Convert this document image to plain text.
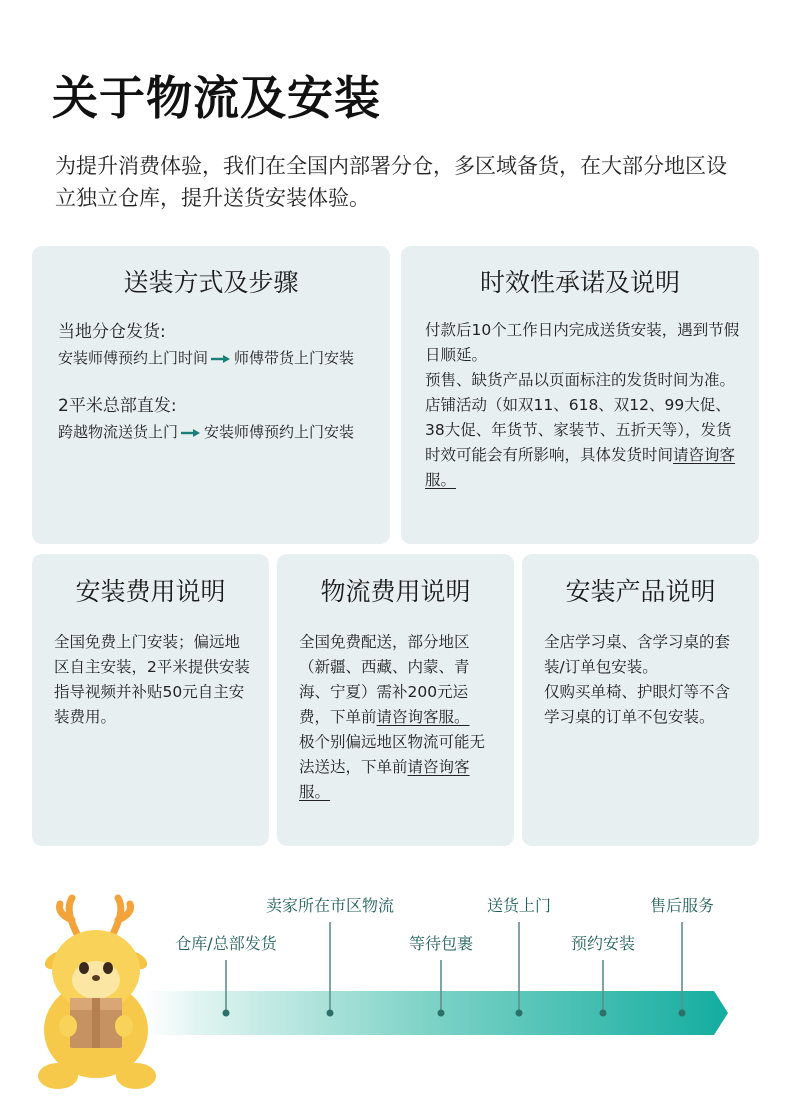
关于物流及安装
为提升消费体验，我们在全国内部署分仓，多区域备货，在大部分地区设立独立仓库，提升送货安装体验。
送装方式及步骤
当地分仓发货:
安装师傅预约上门时间 师傅带货上门安装
2平米总部直发:
跨越物流送货上门 安装师傅预约上门安装
时效性承诺及说明
付款后10个工作日内完成送货安装，遇到节假日顺延。
预售、缺货产品以页面标注的发货时间为准。
店铺活动（如双11、618、双12、99大促、38大促、年货节、家装节、五折天等），发货时效可能会有所影响，具体发货时间请咨询客服。
安装费用说明
全国免费上门安装；偏远地区自主安装，2平米提供安装指导视频并补贴50元自主安装费用。
物流费用说明
全国免费配送，部分地区（新疆、西藏、内蒙、青海、宁夏）需补200元运费，下单前请咨询客服。
极个别偏远地区物流可能无法送达，下单前请咨询客服。
安装产品说明
全店学习桌、含学习桌的套装/订单包安装。
仅购买单椅、护眼灯等不含学习桌的订单不包安装。
仓库/总部发货
卖家所在市区物流
等待包裹
送货上门
预约安装
售后服务
